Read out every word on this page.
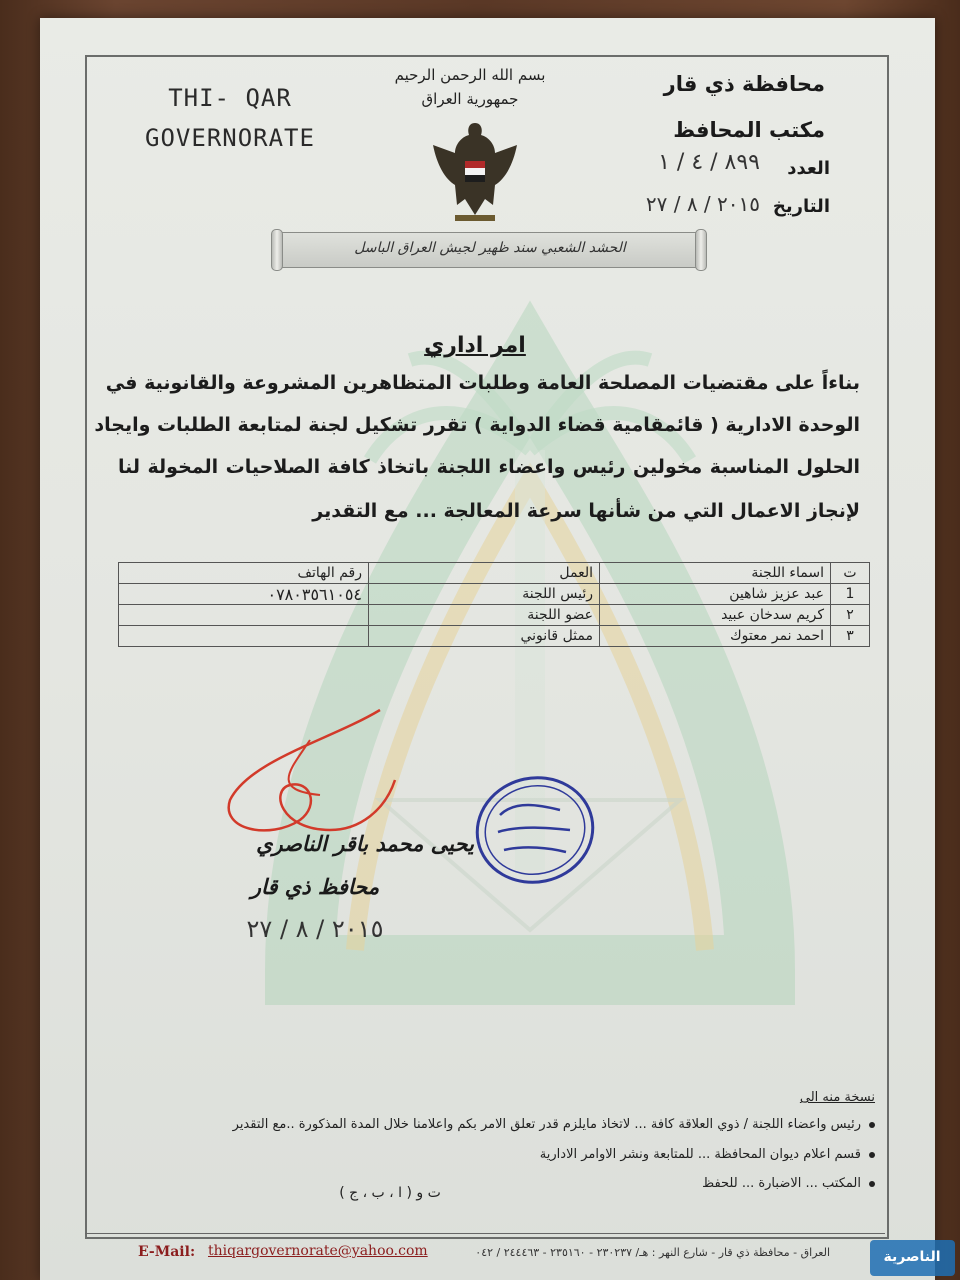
THI- QAR
GOVERNORATE
بسم الله الرحمن الرحيم
جمهورية العراق
محافظة ذي قار
مكتب المحافظ
العدد
٨٩٩ / ٤ / ١
التاريخ
٢٠١٥ / ٨ / ٢٧
الحشد الشعبي سند ظهير لجيش العراق الباسل
امر اداري
بناءاً على مقتضيات المصلحة العامة وطلبات المتظاهرين المشروعة والقانونية في
الوحدة الادارية ( قائمقامية قضاء الدواية ) تقرر تشكيل لجنة لمتابعة الطلبات وايجاد
الحلول المناسبة مخولين رئيس واعضاء اللجنة باتخاذ كافة الصلاحيات المخولة لنا
لإنجاز الاعمال التي من شأنها سرعة المعالجة ... مع التقدير
ت	اسماء اللجنة	العمل	رقم الهاتف
1	عبد عزيز شاهين	رئيس اللجنة	٠٧٨٠٣٥٦١٠٥٤
٢	كريم سدخان عبيد	عضو اللجنة	
٣	احمد نمر معتوك	ممثل قانوني	
يحيى محمد باقر الناصري
محافظ ذي قار
٢٠١٥ / ٨ / ٢٧
نسخة منه الى
رئيس واعضاء اللجنة / ذوي العلاقة كافة ... لاتخاذ مايلزم قدر تعلق الامر بكم واعلامنا خلال المدة المذكورة ..مع التقدير
قسم اعلام ديوان المحافظة ... للمتابعة ونشر الاوامر الادارية
المكتب ... الاضبارة ... للحفظ
ت و ( ا ، ب ، ج )
E-Mail: thiqargovernorate@yahoo.com	العراق - محافظة ذي قار - شارع النهر : هـ/ ٢٣٠٢٣٧ - ٢٣٥١٦٠ - ٢٤٤٤٦٣ / ٠٤٢	الناصرية
